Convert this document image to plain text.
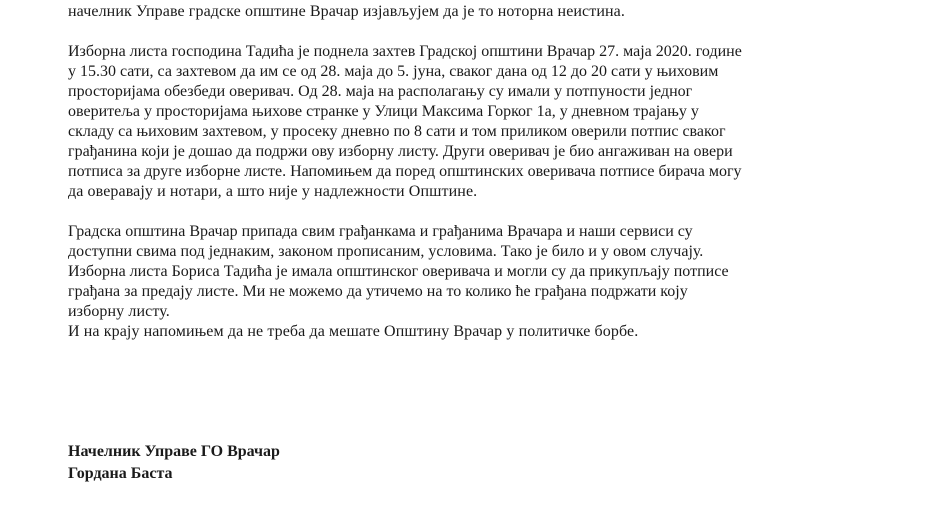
начелник Управе градске општине Врачар изјављујем да је то нотoрна неистина.
Изборна листа господина Тадића је поднела захтев Градској општини Врачар 27. маја 2020. године
у 15.30 сати, са захтевом да им се од 28. маја до 5. јуна, сваког дана од 12 до 20 сати у њиховим
просторијама обезбеди оверивач. Од 28. маја на располагању су имали у потпуности једног
оверитеља у просторијама њихове странке у Улици Максима Горког 1а, у дневном трајању у
складу са њиховим захтевом, у просеку дневно по 8 сати и том приликом оверили потпис сваког
грађанина који је дошао да подржи ову изборну листу. Други оверивач је био ангаживан на овери
потписа за друге изборне листе. Напомињем да поред општинских оверивача потписе бирача могу
да оверавају и нотари, а што није у надлежности Општине.
Градска општина Врачар припада свим грађанкама и грађанима Врачара и наши сервиси су
доступни свима под једнаким, законом прописаним, условима. Тако је било и у овом случају.
Изборна листа Бориса Тадића је имала општинског оверивача и могли су да прикупљају потписе
грађана за предају листе. Ми не можемо да утичемо на то колико ће грађана подржати коју
изборну листу.
И на крају напомињем да не треба да мешате Општину Врачар у политичке борбе.
Начелник Управе ГО Врачар
Гордана Баста
